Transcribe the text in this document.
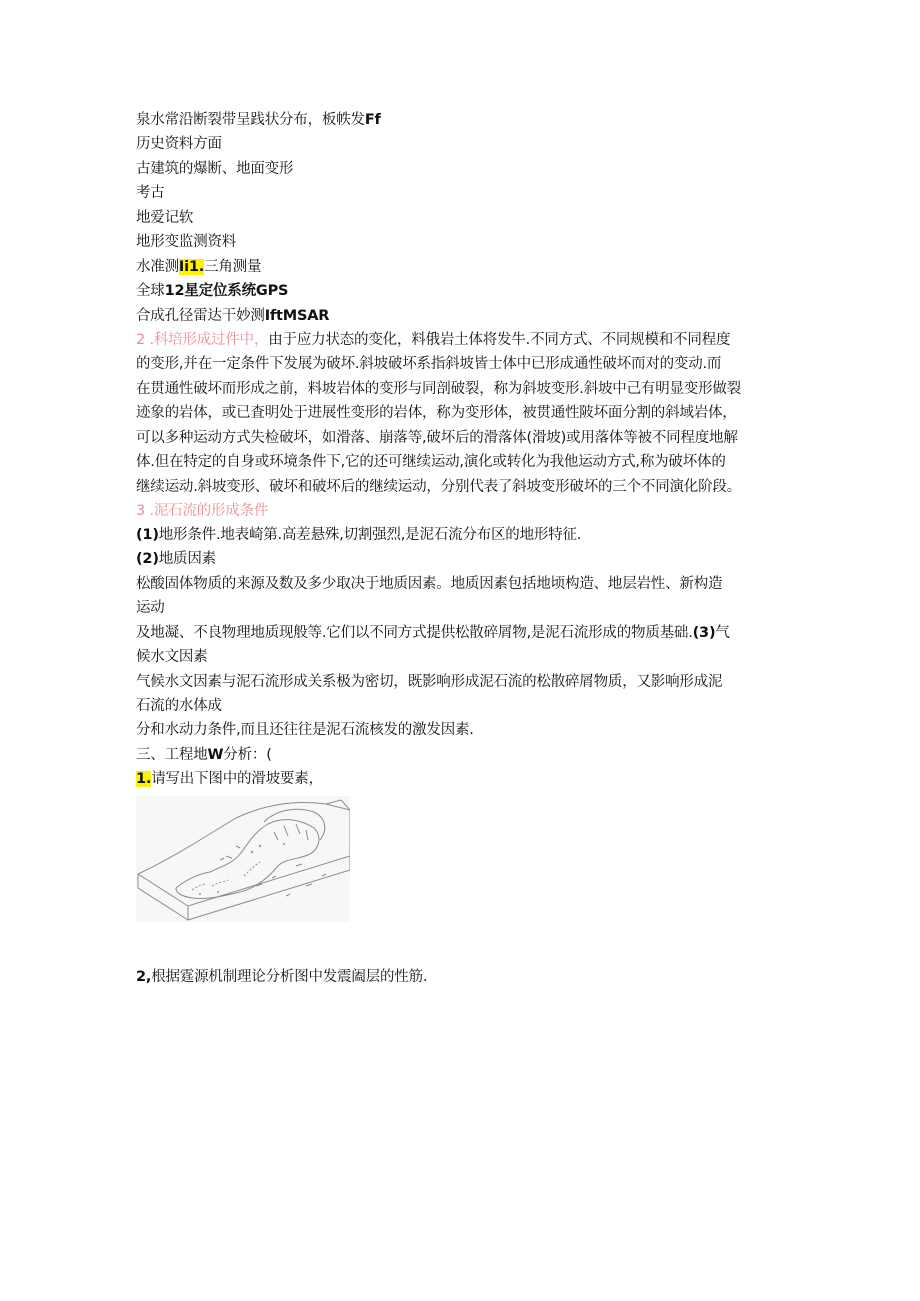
泉水常沿断裂带呈践状分布，板帙发Ff
历史资料方面
古建筑的爆断、地面变形
考古
地爱记软
地形变监测资料
水准测Ii1.三角测量
全球12星定位系统GPS
合成孔径雷达干妙测IftMSAR
2 .科培形成过件中，由于应力状态的变化，料俄岩土体将发牛.不同方式、不同规模和不同程度
的变形,并在一定条件下发展为破坏.斜坡破坏系指斜坡皆士体中已形成通性破坏而对的变动.而
在贯通性破坏而形成之前，料坡岩体的变形与同剖破裂，称为斜坡变形.斜坡中己有明显变形做裂
迹象的岩体，或已査明处于进展性变形的岩体，称为变形体，被贯通性陂坏面分割的斜域岩体，
可以多种运动方式失检破坏，如滑落、崩落等,破坏后的滑落体(滑坡)或用落体等被不同程度地解
体.但在特定的自身或环境条件下,它的还可继续运动,演化或转化为我他运动方式,称为破坏体的
继续运动.斜坡变形、破坏和破坏后的继续运动，分别代表了斜坡变形破坏的三个不同演化阶段。
3 .泥石流的形成条件
(1)地形条件.地表崎第.高差悬殊,切割强烈,是泥石流分布区的地形特征.
(2)地质因素
松酸固体物质的来源及数及多少取决于地质因素。地质因素包括地顷构造、地层岩性、新构造
运动
及地凝、不良物理地质现般等.它们以不同方式提供松散碎屑物,是泥石流形成的物质基础.(3)气
候水文因素
气候水文因素与泥石流形成关系极为密切，既影响形成泥石流的松散碎屑物质，又影响形成泥
石流的水体成
分和水动力条件,而且还往往是泥石流核发的激发因素.
三、工程地W分析：(
1.请写出下图中的滑坡要素，
2,根据霆源机制理论分析图中发震阖层的性筋.
